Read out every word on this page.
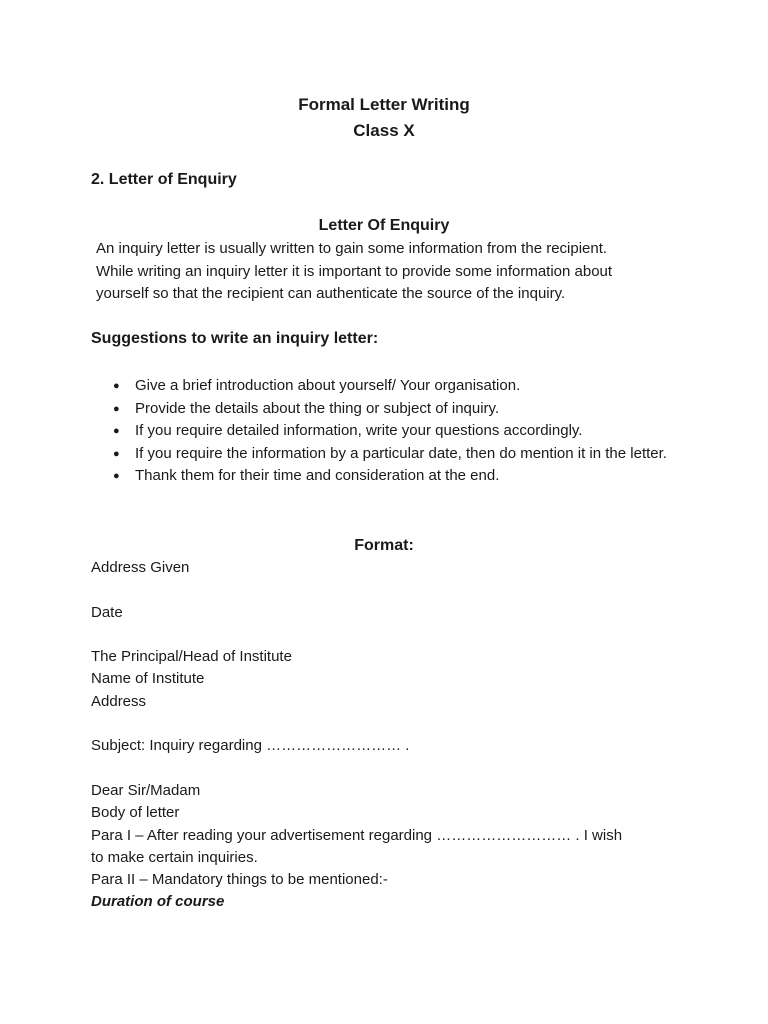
Formal Letter Writing
Class X
2. Letter of Enquiry
Letter Of Enquiry

An inquiry letter is usually written to gain some information from the recipient.

While writing an inquiry letter it is important to provide some information about

yourself so that the recipient can authenticate the source of the inquiry.

Suggestions to write an inquiry letter:
● Give a brief introduction about yourself/ Your organisation.
● Provide the details about the thing or subject of inquiry.
● If you require detailed information, write your questions accordingly.
● If you require the information by a particular date, then do mention it in the letter.
● Thank them for their time and consideration at the end.
Format:

Address Given

Date

The Principal/Head of Institute

Name of Institute

Address

Subject: Inquiry regarding ……………………… .

Dear Sir/Madam

Body of letter

Para I – After reading your advertisement regarding ……………………… . I wish

to make certain inquiries.

Para II – Mandatory things to be mentioned:-

Duration of course
